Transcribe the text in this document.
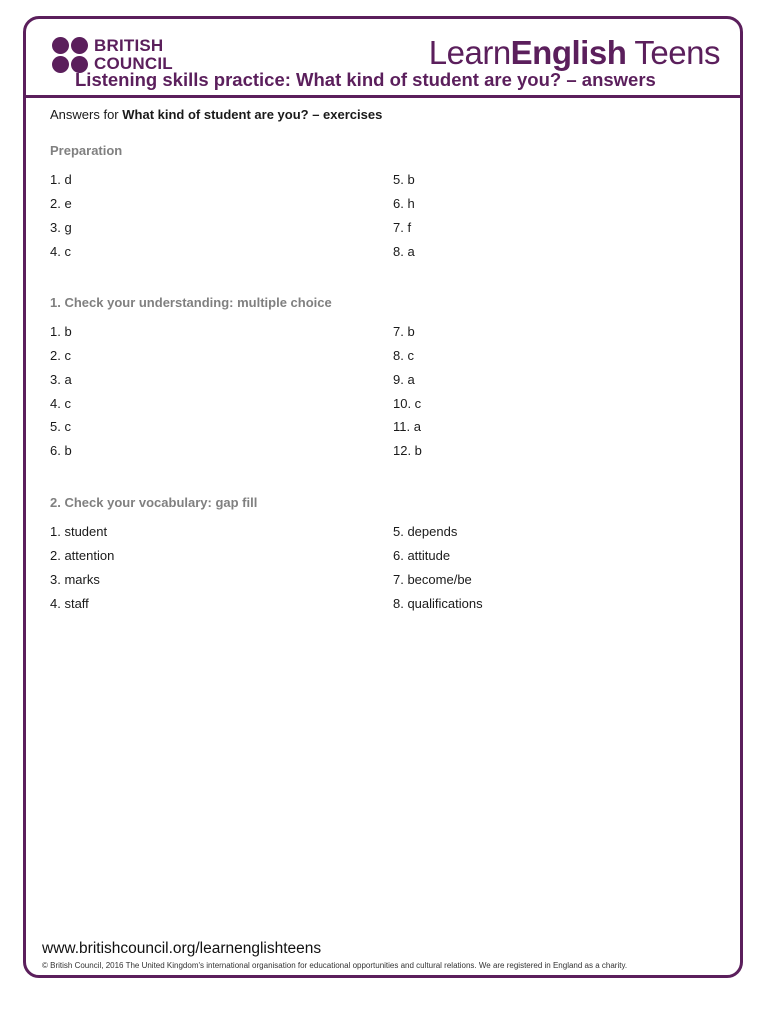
BRITISH
COUNCIL	LearnEnglish Teens
Listening skills practice: What kind of student are you? – answers
Answers for What kind of student are you? – exercises
Preparation
1. d
2. e
3. g
4. c
5. b
6. h
7. f
8. a
1. Check your understanding: multiple choice
1. b
2. c
3. a
4. c
5. c
6. b
7. b
8. c
9. a
10. c
11. a
12. b
2. Check your vocabulary: gap fill
1. student
2. attention
3. marks
4. staff
5. depends
6. attitude
7. become/be
8. qualifications
www.britishcouncil.org/learnenglishteens
© British Council, 2016 The United Kingdom's international organisation for educational opportunities and cultural relations. We are registered in England as a charity.
